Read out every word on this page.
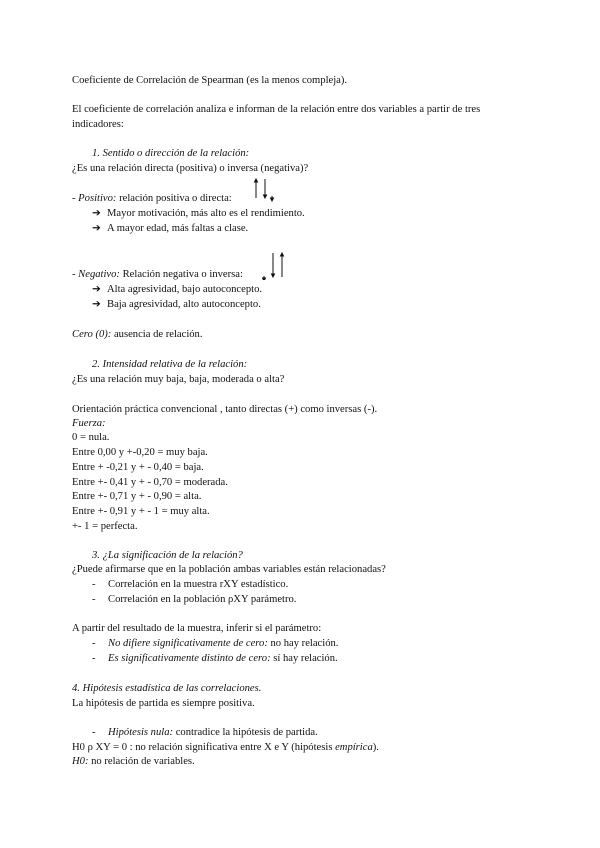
Coeficiente de Correlación de Spearman (es la menos compleja).
El coeficiente de correlación analiza e informan de la relación entre dos variables a partir de tres
indicadores:
1. Sentido o dirección de la relación:
¿Es una relación directa (positiva) o inversa (negativa)?
- Positivo: relación positiva o directa:
➔ Mayor motivación, más alto es el rendimiento.
➔ A mayor edad, más faltas a clase.
- Negativo: Relación negativa o inversa:
➔ Alta agresividad, bajo autoconcepto.
➔ Baja agresividad, alto autoconcepto.
Cero (0): ausencia de relación.
2. Intensidad relativa de la relación:
¿Es una relación muy baja, baja, moderada o alta?
Orientación práctica convencional , tanto directas (+) como inversas (-).
Fuerza:
0 = nula.
Entre 0,00 y +-0,20 = muy baja.
Entre + -0,21 y + - 0,40 = baja.
Entre +- 0,41 y + - 0,70 = moderada.
Entre +- 0,71 y + - 0,90 = alta.
Entre +- 0,91 y + - 1 = muy alta.
+- 1 = perfecta.
3. ¿La significación de la relación?
¿Puede afirmarse que en la población ambas variables están relacionadas?
- Correlación en la muestra rXY estadístico.
- Correlación en la población ρXY parámetro.
A partir del resultado de la muestra, inferir si el parámetro:
- No difiere significativamente de cero: no hay relación.
- Es significativamente distinto de cero: sí hay relación.
4. Hipótesis estadística de las correlaciones.
La hipótesis de partida es siempre positiva.
- Hipótesis nula: contradice la hipótesis de partida.
H0 ρ XY = 0 : no relación significativa entre X e Y (hipótesis empírica).
H0: no relación de variables.
